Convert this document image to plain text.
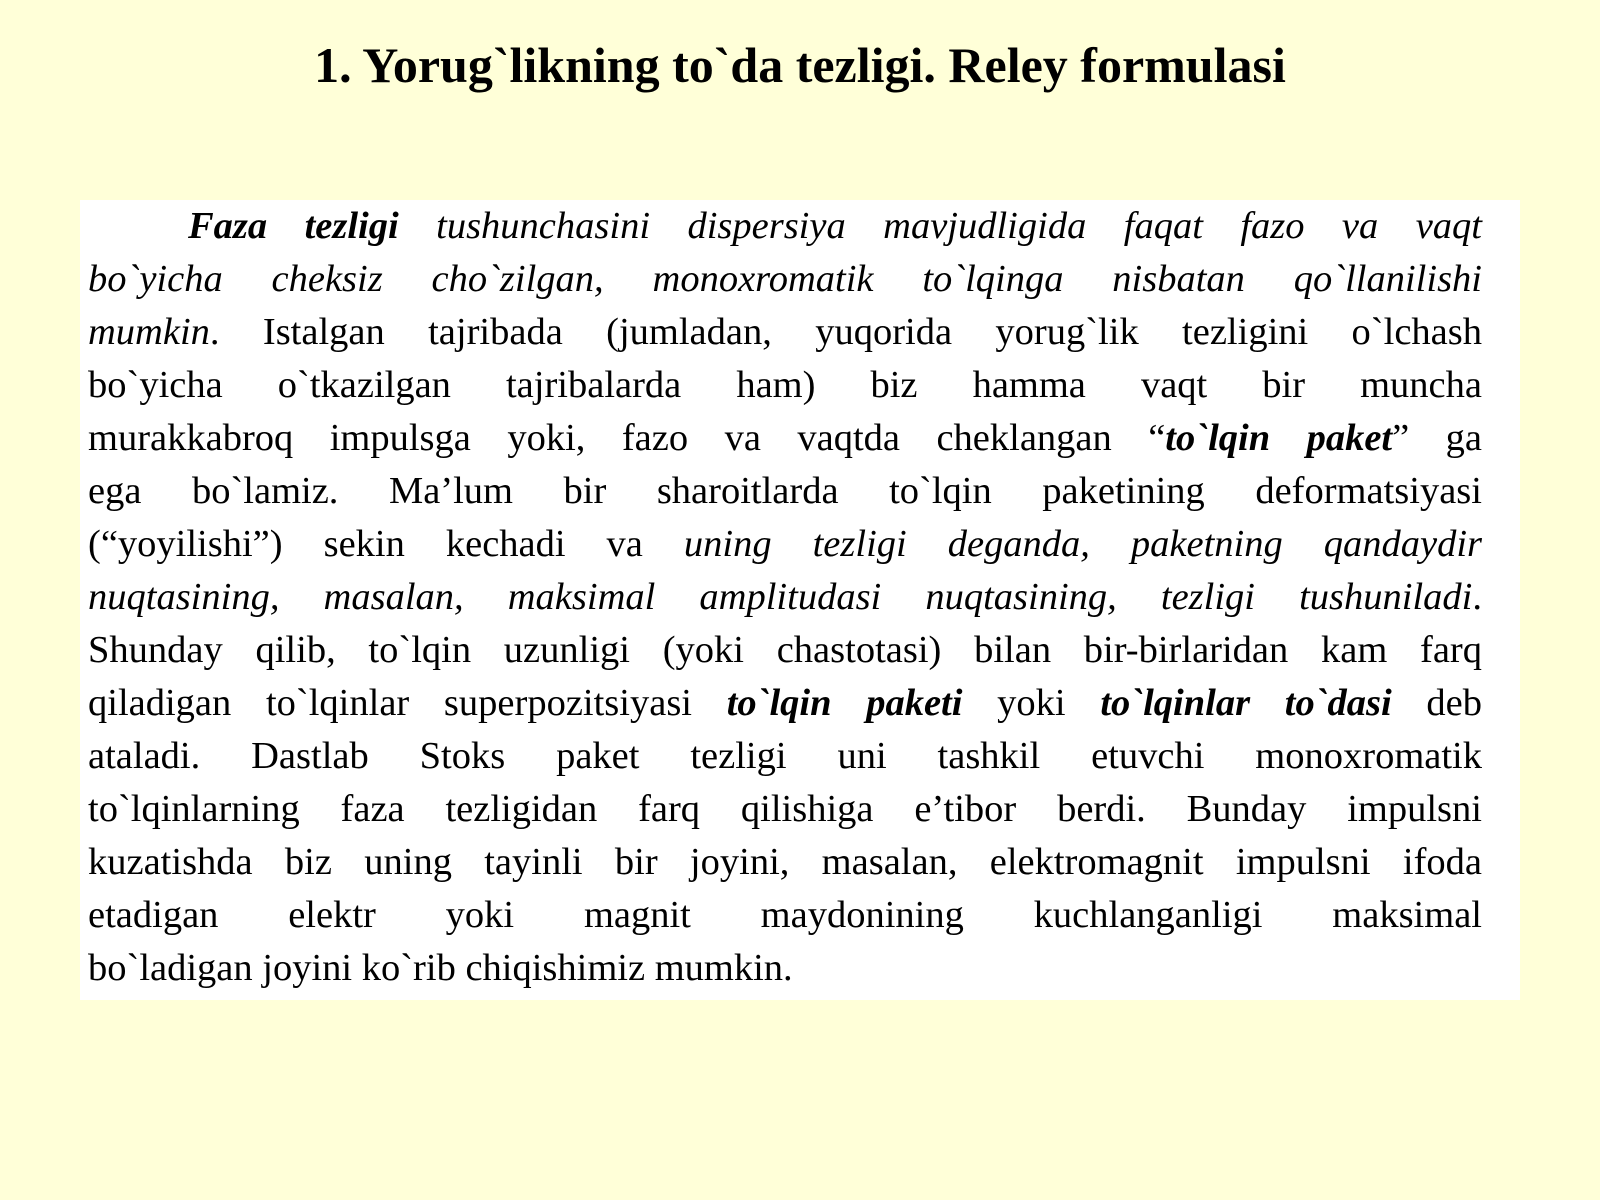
1. Yorug`likning to`da tezligi. Reley formulasi

Faza tezligi tushunchasini dispersiya mavjudligida faqat fazo va vaqt
bo`yicha cheksiz cho`zilgan, monoxromatik to`lqinga nisbatan qo`llanilishi
mumkin. Istalgan tajribada (jumladan, yuqorida yorug`lik tezligini o`lchash
bo`yicha o`tkazilgan tajribalarda ham) biz hamma vaqt bir muncha
murakkabroq impulsga yoki, fazo va vaqtda cheklangan “to`lqin paket” ga
ega bo`lamiz. Ma’lum bir sharoitlarda to`lqin paketining deformatsiyasi
(“yoyilishi”) sekin kechadi va uning tezligi deganda, paketning qandaydir
nuqtasining, masalan, maksimal amplitudasi nuqtasining, tezligi tushuniladi.
Shunday qilib, to`lqin uzunligi (yoki chastotasi) bilan bir-birlaridan kam farq
qiladigan to`lqinlar superpozitsiyasi to`lqin paketi yoki to`lqinlar to`dasi deb
ataladi. Dastlab Stoks paket tezligi uni tashkil etuvchi monoxromatik
to`lqinlarning faza tezligidan farq qilishiga e’tibor berdi. Bunday impulsni
kuzatishda biz uning tayinli bir joyini, masalan, elektromagnit impulsni ifoda
etadigan elektr yoki magnit maydonining kuchlanganligi maksimal
bo`ladigan joyini ko`rib chiqishimiz mumkin.
